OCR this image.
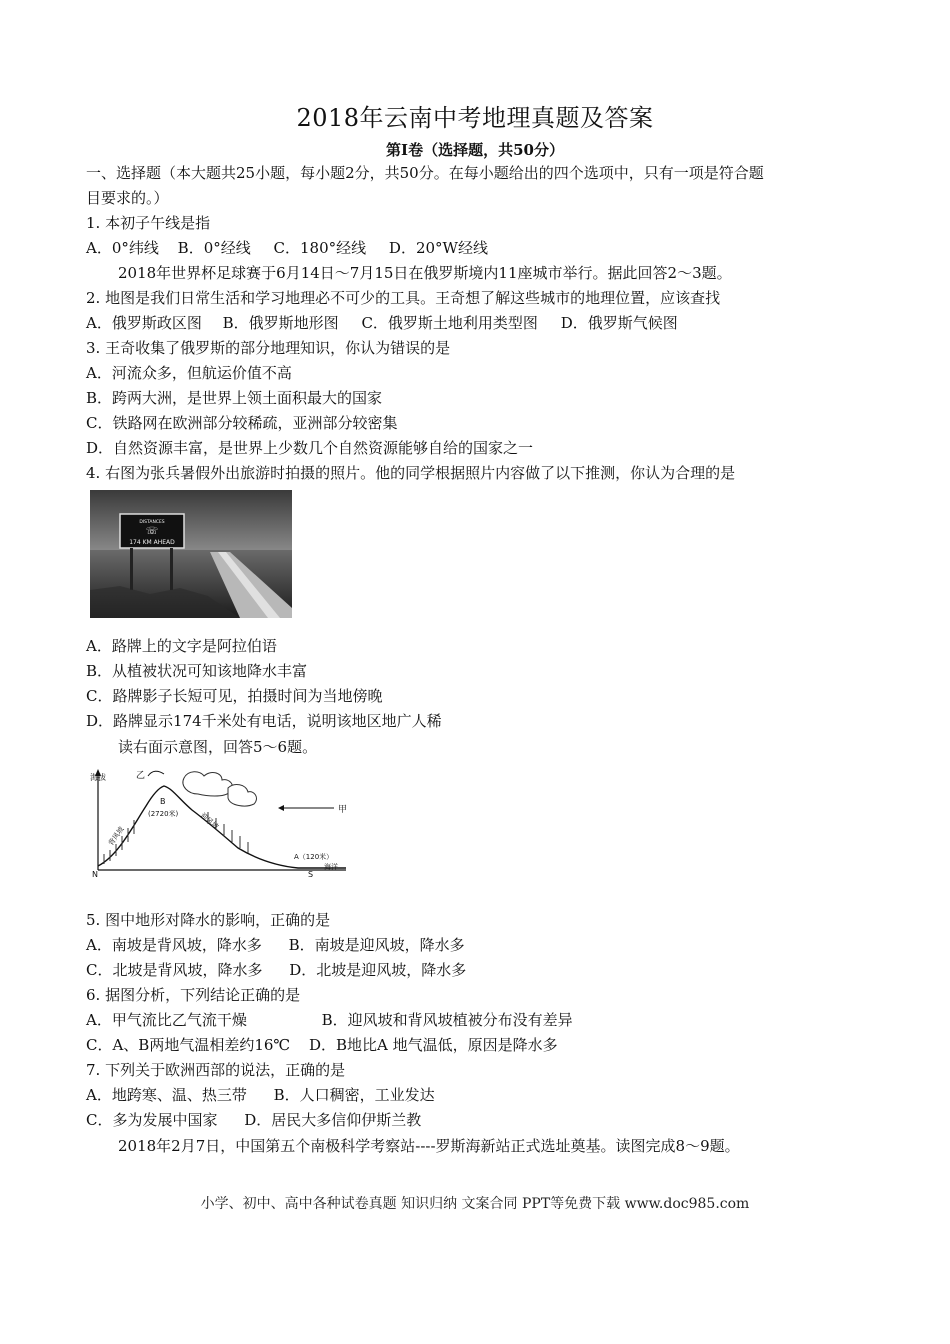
2018年云南中考地理真题及答案
第Ⅰ卷（选择题，共50分）
一、选择题（本大题共25小题，每小题2分，共50分。在每小题给出的四个选项中，只有一项是符合题
目要求的。）
1. 本初子午线是指
A．0°纬线 B．0°经线 C．180°经线 D．20°W经线
2018年世界杯足球赛于6月14日～7月15日在俄罗斯境内11座城市举行。据此回答2～3题。
2. 地图是我们日常生活和学习地理必不可少的工具。王奇想了解这些城市的地理位置，应该查找
A．俄罗斯政区图 B．俄罗斯地形图 C．俄罗斯土地利用类型图 D．俄罗斯气候图
3. 王奇收集了俄罗斯的部分地理知识，你认为错误的是
A．河流众多，但航运价值不高
B．跨两大洲，是世界上领土面积最大的国家
C．铁路网在欧洲部分较稀疏，亚洲部分较密集
D．自然资源丰富，是世界上少数几个自然资源能够自给的国家之一
4. 右图为张兵暑假外出旅游时拍摄的照片。他的同学根据照片内容做了以下推测，你认为合理的是
DISTANCES
☏
174 KM AHEAD
A．路牌上的文字是阿拉伯语
B．从植被状况可知该地降水丰富
C．路牌影子长短可见，拍摄时间为当地傍晚
D．路牌显示174千米处有电话，说明该地区地广人稀
读右面示意图，回答5～6题。
海拔	乙
甲
B
(2720米)
背风坡
迎风坡
A（120米）
海洋
N	S
5. 图中地形对降水的影响，正确的是
A．南坡是背风坡，降水多 B．南坡是迎风坡，降水多
C．北坡是背风坡，降水多 D．北坡是迎风坡，降水多
6. 据图分析，下列结论正确的是
A．甲气流比乙气流干燥	B．迎风坡和背风坡植被分布没有差异
C．A、B两地气温相差约16℃ D．B地比A 地气温低，原因是降水多
7. 下列关于欧洲西部的说法，正确的是
A．地跨寒、温、热三带 B．人口稠密，工业发达
C．多为发展中国家 D．居民大多信仰伊斯兰教
2018年2月7日，中国第五个南极科学考察站----罗斯海新站正式选址奠基。读图完成8～9题。
小学、初中、高中各种试卷真题 知识归纳 文案合同 PPT等免费下载 www.doc985.com
